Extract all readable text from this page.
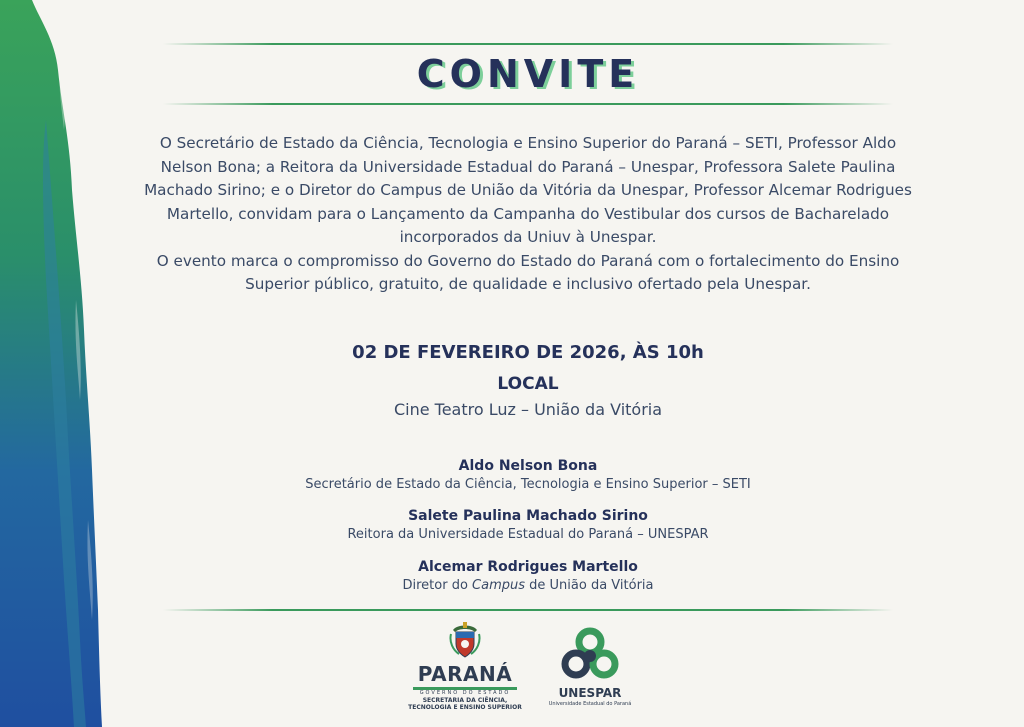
CONVITE

O Secretário de Estado da Ciência, Tecnologia e Ensino Superior do Paraná – SETI, Professor Aldo Nelson Bona; a Reitora da Universidade Estadual do Paraná – Unespar, Professora Salete Paulina Machado Sirino; e o Diretor do Campus de União da Vitória da Unespar, Professor Alcemar Rodrigues Martello, convidam para o Lançamento da Campanha do Vestibular dos cursos de Bacharelado incorporados da Uniuv à Unespar.

O evento marca o compromisso do Governo do Estado do Paraná com o fortalecimento do Ensino Superior público, gratuito, de qualidade e inclusivo ofertado pela Unespar.

02 DE FEVEREIRO DE 2026, ÀS 10h
LOCAL
Cine Teatro Luz – União da Vitória
Aldo Nelson Bona
Secretário de Estado da Ciência, Tecnologia e Ensino Superior – SETI
Salete Paulina Machado Sirino
Reitora da Universidade Estadual do Paraná – UNESPAR
Alcemar Rodrigues Martello
Diretor do Campus de União da Vitória
PARANÁ
GOVERNO DO ESTADO
SECRETARIA DA CIÊNCIA,
TECNOLOGIA E ENSINO SUPERIOR
UNESPAR
Universidade Estadual do Paraná
